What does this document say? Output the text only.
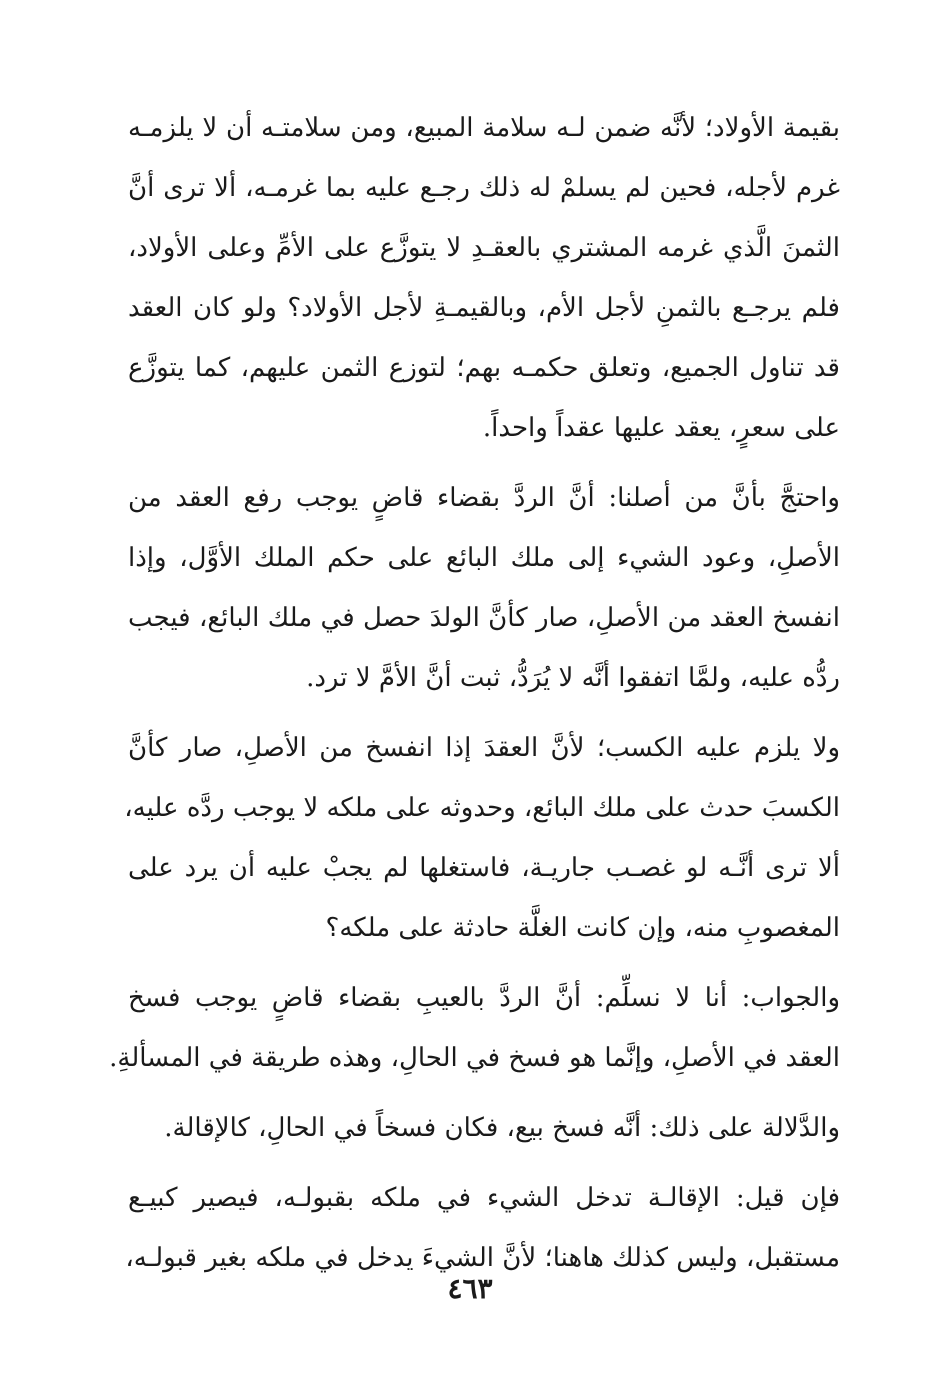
بقيمة الأولاد؛ لأنَّه ضمن لـه سلامة المبيع، ومن سلامتـه أن لا يلزمـه
غرم لأجله، فحين لم يسلمْ له ذلك رجـع عليه بما غرمـه، ألا ترى أنَّ
الثمنَ الَّذي غرمه المشتري بالعقـدِ لا يتوزَّع على الأمِّ وعلى الأولاد،
فلم يرجـع بالثمنِ لأجل الأم، وبالقيمـةِ لأجل الأولاد؟ ولو كان العقد
قد تناول الجميع، وتعلق حكمـه بهم؛ لتوزع الثمن عليهم، كما يتوزَّع
على سعرٍ، يعقد عليها عقداً واحداً.
واحتجَّ بأنَّ من أصلنا: أنَّ الردَّ بقضاء قاضٍ يوجب رفع العقد من
الأصلِ، وعود الشيء إلى ملك البائع على حكم الملك الأوَّل، وإذا
انفسخ العقد من الأصلِ، صار كأنَّ الولدَ حصل في ملك البائع، فيجب
ردُّه عليه، ولمَّا اتفقوا أنَّه لا يُرَدُّ، ثبت أنَّ الأمَّ لا ترد.
ولا يلزم عليه الكسب؛ لأنَّ العقدَ إذا انفسخ من الأصلِ، صار كأنَّ
الكسبَ حدث على ملك البائع، وحدوثه على ملكه لا يوجب ردَّه عليه،
ألا ترى أنَّـه لو غصـب جاريـة، فاستغلها لم يجبْ عليه أن يرد على
المغصوبِ منه، وإن كانت الغلَّة حادثة على ملكه؟
والجواب: أنا لا نسلِّم: أنَّ الردَّ بالعيبِ بقضاء قاضٍ يوجب فسخ
العقد في الأصلِ، وإنَّما هو فسخ في الحالِ، وهذه طريقة في المسألةِ.
والدَّلالة على ذلك: أنَّه فسخ بيع، فكان فسخاً في الحالِ، كالإقالة.
فإن قيل: الإقالـة تدخل الشيء في ملكه بقبولـه، فيصير كبيـع
مستقبل، وليس كذلك هاهنا؛ لأنَّ الشيءَ يدخل في ملكه بغير قبولـه،
٤٦٣
